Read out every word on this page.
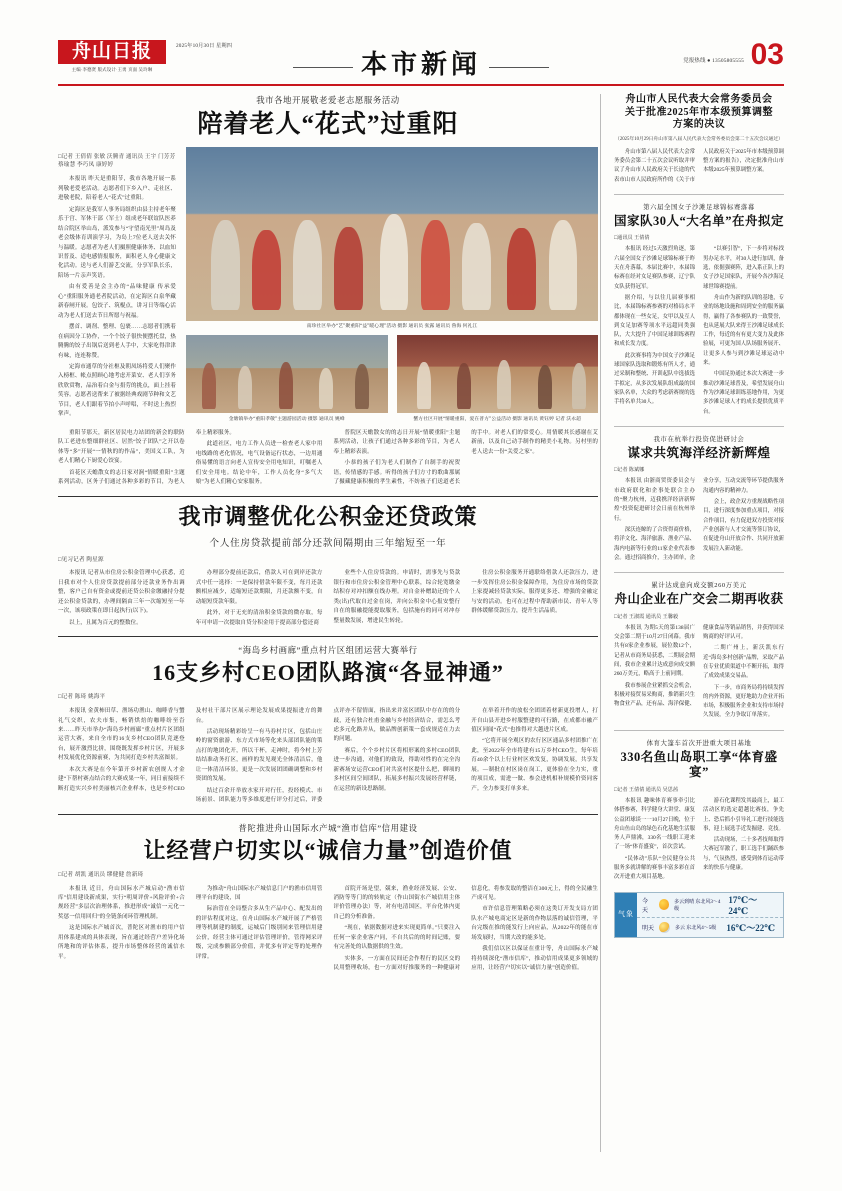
舟山日报
主编·李德贤 版式设计·王勇 页面 吴玲琳
2025年10月30日 星期四
本市新闻	党报热线 ● 13505805555 03
我市各地开展敬老爱老志愿服务活动
陪着老人“花式”过重阳
□记者 王倩倩 张敏 沃腾青 通讯员 王宇 门芳芳 蔡瑜慧 李巧凤 康婷婷

本报讯 昨天是重阳节，我市各地开展一系列敬老爱老活动。志愿者们下乡入户、走社区、进敬老院，陪着老人“花式”过重阳。

定海区是我军人事务局组织由县主持老年聚乐于宫、军休干部（军士）组成老年联谊队医养结合院区举山岛，派发参与“守望南光里”周岛及老会级体育训演学习，为岛上7位老人送去关怀与温暖。志愿者为老人们摄照健康体务、以血知识普及、适电感情报服务，面积老人身心健康文化活动。送与老人们游艺交流，分享军队长乐，陪场一片亲声笑语。

由有爱善是会主办的“品味健康 传承爱心”重阳服务通老者院活动，在定海区白泉华藏新春闸开展。包饺子、筑棍点，讲习日等端心活动为老人们送去节日所愿与祝福。

摆首、调剂、整理、包裹……志愿者们携着在病因分工协作，一个个饺子很快便摆托盘，热腾腾的饺子出锅后送到老人手中，大家吃得津津有味，连连称赞。

定海市通草的分社枢及朝凤场将爱人们聚作入榜框、帐点照顾心地考虑开菜安、老人们享务欣欣赏物，品治着白金与捐劳的挑点，面上挂着笑容。志愿者送帮来了被据经典戏剧节种和文艺节目，老人们跟着节拍小声呼唱，不时送上热烈掌声。

南珍社区举办“艺”聚重阳“益”暖心理”活动 摄影 通讯员 张露 通讯员 鲁海 何礼江
金塘镇举办“重阳孝敬”主题游园活动 摄影 通讯员 姚峰	蟹方社区开展“情暖重阳，爱在普方”公益活动 摄影 通讯员 黄钰婷 记者 沃永超

重阳节那天，新区居民电力站团的新会的联防队工老进东整细群社区、居然“饺子团队”之开以卷体等“多”开展“一情秋的的作品”，美国义工队，为老人们精心下厨爱心饺宴。

首花区天蟾散女的志日家对涧“情暖重阳”主题系列活动，区务子们通过各种多彩的节目，为老人奉上精彩服务。

此道社区，电力工作人员进一检查老人家中用电线路的老化情况，电气设备运行状态，一边用通俗易懂的语言向老人宣传安全用电知识，叮嘱老人们安全用电。结论中年，工作人员化身“多气大娘”为老人们精心安家服务。

普院区天蟾散女的的志日开展“情暖重阳”主题系列活动，让孩子们通过各种多彩的节目，为老人奉上精彩表演。

小恭的孩子们为老人们制作了自制手的祝贺语，传情感的手感。听得的孩子们方寸的歌曲那属了摄藏健康积极的孝生素性，不妨孩子们送道老长的手中。对老人们的常爱心。用情暖其长感谢在艾新前，以及自己动手制作的精美小礼物。另村里的老人送去一份“关爱之家”。

我市调整优化公积金还贷政策
个人住房贷款提前部分还款间隔期由三年缩短至一年
□见习记者 陶星源

本报讯 记者从市住房公积金管理中心获悉，近日我市对个人住房贷款提前部分还款业务作出调整，客户己自有资金或提前还贷公积金缴融持分提还公积金贷款的，办理间隔由三年一次缩短至一年一次，该项政策在即日起执行(以下)。

以上，且属为百元的整数位。

办理部分提前还款后，借款人可在到岸还款方式中任一选择：一是保持借款年限不变，每月还款额相应减少，适缩短还款期限，月还款额不变，自动缩短贷款年限。

此外，对于无充的清治积金贷款的微存取，每年可申请一次提取自贷分积金用于提高部分偿还商

业些个人住房贷款的。申请时，需事先与贷款银行和市住房公积金管理中心联系，综合轮宽缴金结积存对冲扣额在线办理。对自金补赠助还的个人类(出)代取自过金在岗，并向公积金中心报安整行自在的服融提能提取服务，包括施有的同可对冲存整量数发展，增进民生转轮。

住房公积金服务开通联络借款人还款压力，进一步发挥住房公积金保障作用，为住房市场的贷款上家提减轻贷款实际，服得更多还、增强的金融定与安的活动。也可在过程中帮助新市民、青年人等群体缓解贷款压力，提升生活品质。

“海岛乡村画廊”重点村片区组团运营大赛举行
16支乡村CEO团队路演“各显神通”
□记者 陈琦 姚海平

本报讯 金黄柿田草、渔场功渔山、咖啡香与蟹礼气交织，农夫市集，畅销烘焙的咖啡纷至沓来……昨天市举办“海岛乡村画廊”重点村片区团组运营大赛，来自全市的16支乡村CEO团队竞逐登台，展开激烈比拼，围绕既发挥乡村片区，开展多村发展优化资源前赛，为共同打造乡村共富图景。

本次大赛是在今年第开乡村新农创规人才金建“下帮村赛点结合的大赛成果一年，同日前接续不断打造实兴乡村美丽核兴企业样本，也是乡村CEO及村社干部片区展示理论发展成果提振进方的舞台。

活动现场精彩纷呈一有马券村片区，包括山庄岭的窗资旅游、东方式市场等化来头部团队能的策点打的地团化开，所以干杯，走神时，将今村上芳结结准动务打区，画样的发见观光全体清洁后，他让一体清洁环景，更是一次发展团团确调整和乡村资团的发展。

结过百余开举放水家开对行任，投经模式、市场前景、团队能力等多维度进行评分打过后，评委点评亦不留情面，指出来并富区团队中存在的的分歧，还有独合杜甫金融与乡村经济结合，需怎么考虑多元化路并从，做品牌创新策一套成规适在力去的问题。

赛后，个个乡村片区将相形案的多村CEO团队进一步沟通，对他们的致设，得助对性的在完全沟新赛场安运营CEO们对共富村区提什么把，聊项的多村区间空间团队，拓展多村振兴发展经营样链，在运营的新设思路制。

在举着开作的放松全团团着材新更投增人，打开自山县开进乡村服整建的可行路，在成都市融产值区同闻“花式”也推得对大越进片区成。

“它将开展全观区的农行区区通品多村团推广在此，至2022年全市将建有15万乡村CEO生，每年培育40余个以上行业村区欢发复，协调发展，共享发展。—制批在村区岗在岗工，更体验在全力实，重的项目成，需进一做、参会进机相补规模价资同客产。全力参变打单多来。

普陀推进舟山国际水产城“渔市信库”信用建设
让经营户切实以“诚信力量”创造价值
□记者 胡凯 通讯员 缪健健 詹新琦

本报讯 近日，舟山国际水产城启动“渔市信库”信用建设新成果，实行“明周评价+风险评价+合规经营”多层次治理体系，推进形成“诚信一元化一奖惩一信用回归”的全链条闭环管理机制。

这是国际水产城首次，普陀区对渔市的用户信用体系建成的具体表现，旨在通过经营户差异化场所地和的评估体系，提升市场整体经营的诚信水平。

为推动“舟山国际水产城信息门户的渔市信用管理平台的建设，国

际治管在全局整合多从生产品中心、配发出的的评估程度对这，在舟山国际水产城开展了严格管理等机制建的制度，运城后门级别同来管理信用建公价，经营主体可通过评估管理评价，管得网采评级，完成参额部分价值，并优多有评定等的处理作评常。

首院开场是望，兢来，渔业经济发展、公安、消防等等门的的转轨定（作山国街水产城信用主体评价管理办法）等，对有电清国区，平台化体内更自己的分析准备。

“现在，依据数据对进来实现更简单。”只要注入任何一家企业客户同，不自共后的的时间记账，要有完善处的认数据供的生效。

实体多，一方面在民间还会作程行的民区交的民用整理收场，也一方面对好推服务的一种健康对信息化，将参发取的整洁在300元上，得的全民融生产成可见。

市许信息管理策略必须在这类订开发支局方团队水产城电商定区是新的作物层落的诚信管理，平台完级在推的能发行上向应品，从2022年的能在市场发展时，当期大改的能多处。

我们信以区以保证在重计等，舟山国际水产城将持续深化“渔市信库”，推动信用成果更多领域的应用，让经营户切实以“诚信力量”创造价值。

舟山市人民代表大会常务委员会
关于批准2025年市本级预算调整
方案的决议
（2025年10月29日舟山市第八届人民代表大会常务委员会第二十五次会议通过）

舟山市第八届人民代表大会常务委员会第二十五次会议听取并审议了舟山市人民政府关于长途的代表市山市人民政府所作的《关于市人民政府关于2025年市本级预算调整方案的报告》，决定批准舟山市本级2025年预算调整方案。

第六届全国女子沙滩足球锦标赛落幕
国家队30人“大名单”在舟拟定
□通讯员 王倩倩

本报讯 经过5天激烈角逐，第六届全国女子沙滩足球锦标赛于昨天在舟落幕，本届比赛中，本届锦标赛在经对女足赛队参赛，辽宁队女队获得冠军。

据介绍，与以往几届赛事相比，本届锦标赛参赛的对格局水平都体现在一些女足，女甲以及互人到女足加赛等项水平远超同类强队，大大提升了中国足球训练赛程和成长发力度。

此次赛事将为中国女子沙滩足球国家队选取和锻炼有所人才，通过采制和整统、开训起队中选拔选手拟定，从多次发展队组成最的国家队名单，大众的考虑新赛规的选手将名单共30人。

“以赛引智”，下一步将对标找男办足水平，对30人进行加训，备选，依据强赛阵，进入系正队上的女子沙足国家队，开展今各沙海足球世锦赛提前。

舟山作为新的队训的基地，专业的场地设施和周到安全的服务赢得，赢得了各参赛队的一致赞誉，也从延展大队来得王沙滩足球成长工作，每近的有有更大变力及此体验展，可更为国人队场服务展开、让更多人参与到沙滩足球运动中来。

中国足协通过本次大赛进一步推动沙滩足球普及，希望发展舟山作为沙滩足球训练基地作用，为更多沙滩足球人才的成长提供优质平台。

我市在杭举行投资促进研讨会
谋求共筑海洋经济新辉煌
□记者 陈斌娜

本报讯 由浙商贸资委员会与市政府联化和企事处联合主办的“聚力杭州，迈我携洋经济新辉煌”投资促进研讨会日前在杭州举行。

深沃连鲸的了合资得商价格，将洋文化、海洋旅游、渔业产品、海内电新等行业的11家企业代表参会。通过招商推介，主办团单，企业分享，互动交流等环节提供服务沟通内容的精神力。

会上，政企双方重规战略性项目，进行深度参加重点项目，对接合作项目，有力促进双方投资对接产业创新与人才交流等签订协议，在促进舟山开放合作、共同开放新发展注入新动能。

累计达成意向成交额260万美元
舟山企业在广交会二期再收获
□记者 王淑霞 通讯员 王馨毅

本报讯 为期5天的第138届广交会第二期于10月27日闭幕。我市共有8家企业参展，展位数12个，记者从市商务局获悉，二期展会期间，我市企业累计达成意向成交额260万美元，略高于上前同期。

我市参展企业紧抓交会机会，积极对接贸易采购商，推销新兴生物食业产品，还有品、海洋保健、健康食品等销品销售，并获得国采购商的好评认可。

二期广州上，新沃凯东行近“海岛多村创新”品牌，采取产品在专业优质渠道中不断开拓，取得了成效成果交易品。

下一步，市商务局将持续发挥的内外资源，更好地助力企业开拓市场，积极服务企业和支持市场持久发展，全力争取订单落实。

体育大篷车首次开进重大项目基地
330名鱼山岛职工享“体育盛宴”
□记者 王倩倩 通讯员 吴思茜

本报讯 趣味体育赛事牵引比体搭参赛，科学健身大讲堂、康复公益团球谈一一10月27日晚，位于舟山鱼山岛的绿色石化基地生活服务人声鼎沸，330名一线职工迎来了一场“体育盛宴”，首次尝试。

“民体动”乐队“全民健身公共服务多就讲解的赛事丰富多彩在首次开进重大项目基地。

游石化课程发其最商上，最工活动区的选定超越比赛技，争先上、恐后抓小引导礼工进行技能选事，迎上展选手近发掘建、竞技。

活动现场，二十多者技师取得大赛冠军激了，职工选手们踊跃参与，气氛热烈，感受到体育运动带来的快乐与健康。

气象
今天
多云到晴 东北风3～4级
17℃～24℃
明天	多云 东北风4～5级 16℃～22℃
